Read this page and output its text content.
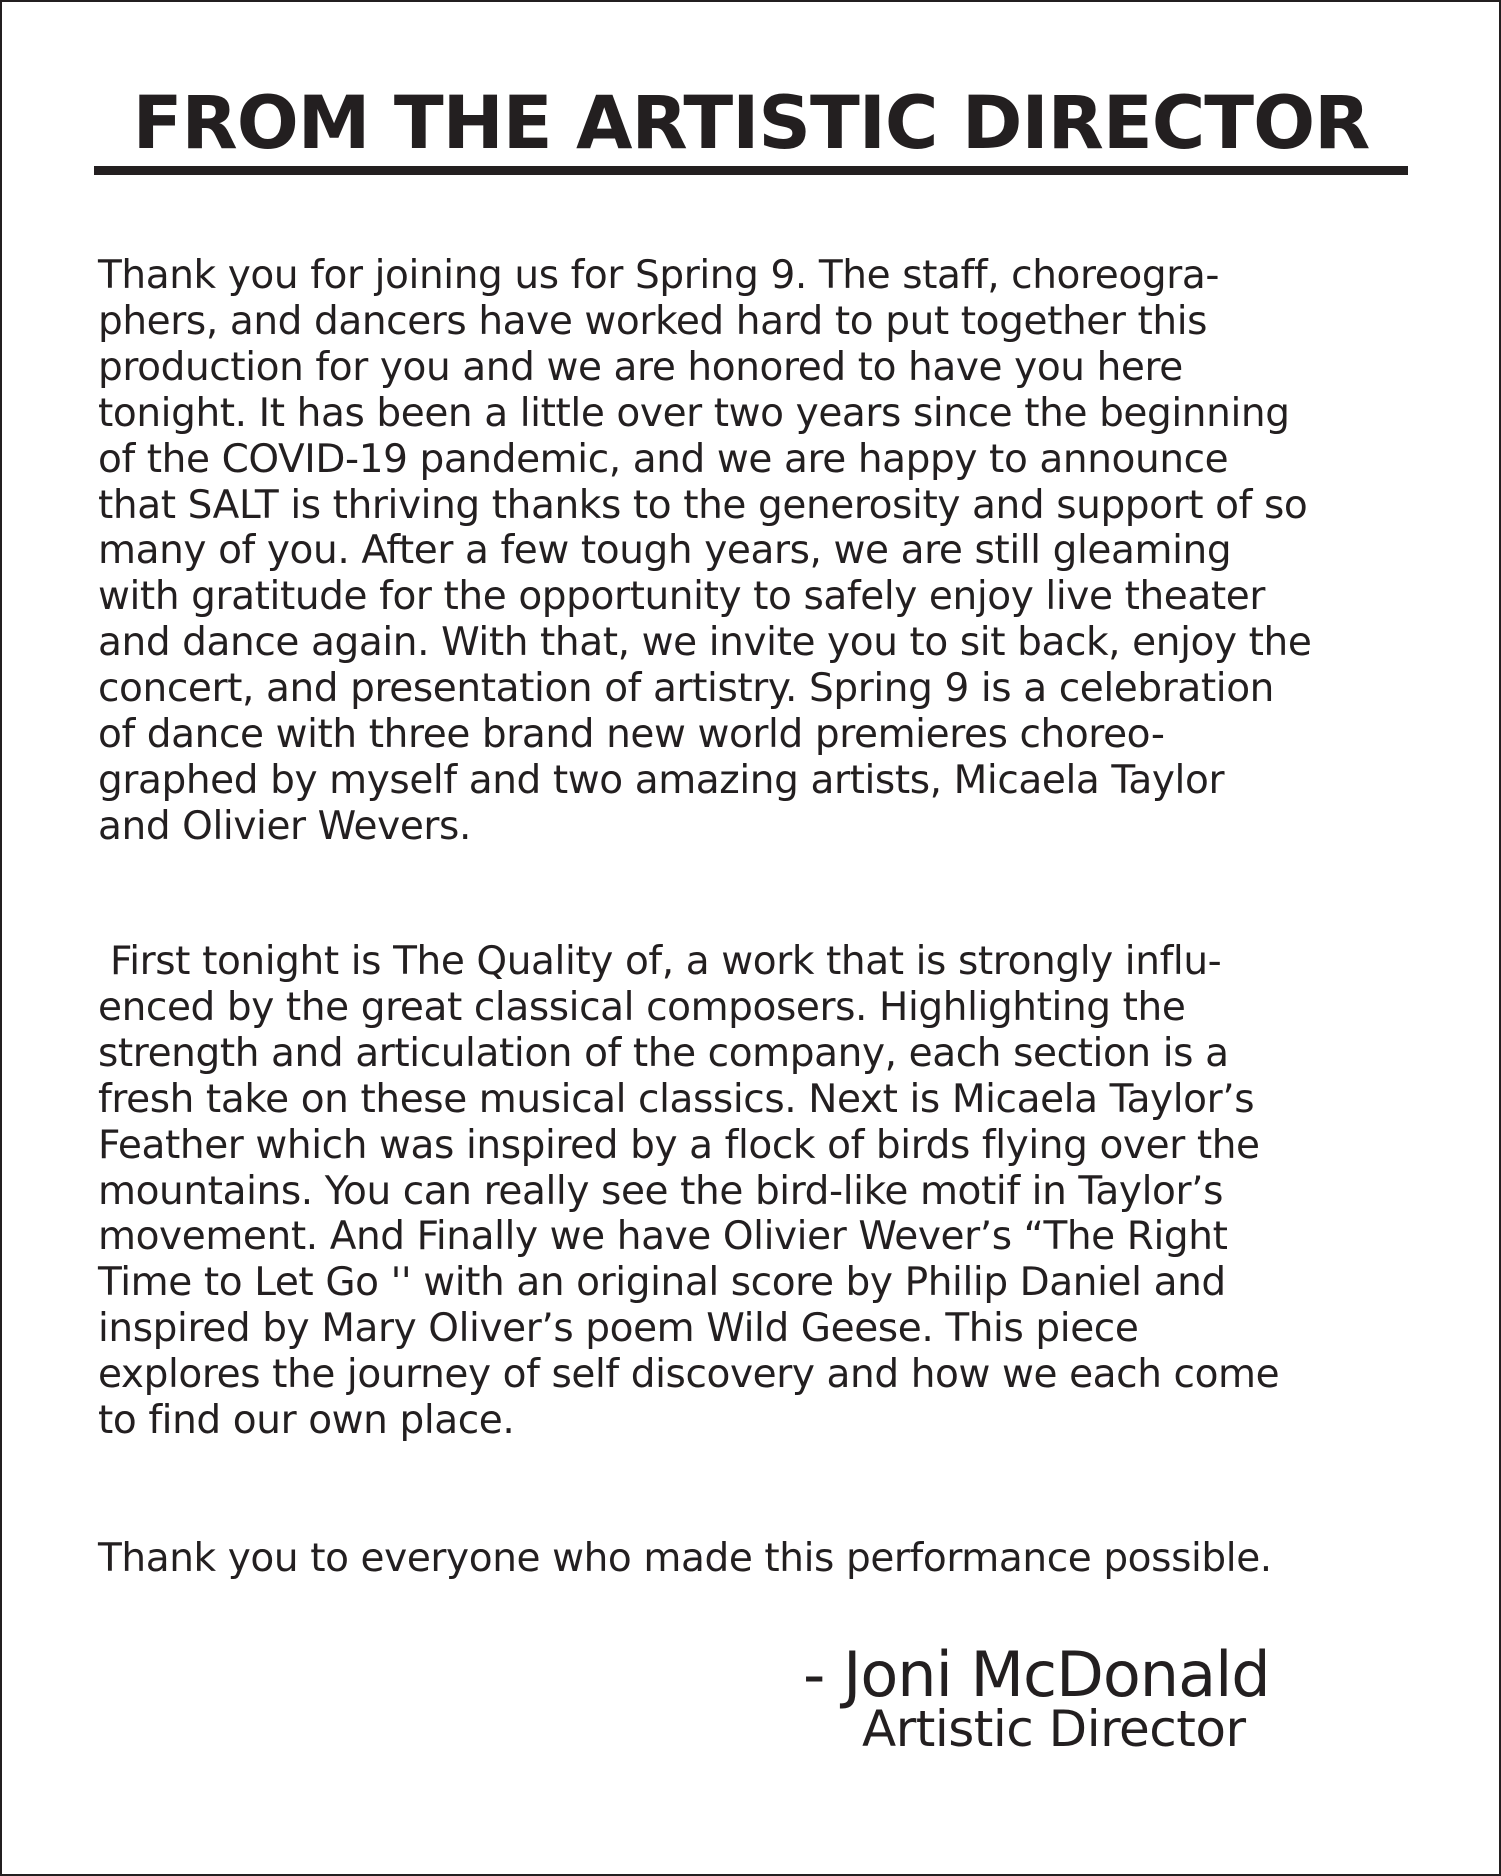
FROM THE ARTISTIC DIRECTOR

Thank you for joining us for Spring 9. The staff, choreogra-
phers, and dancers have worked hard to put together this
production for you and we are honored to have you here
tonight. It has been a little over two years since the beginning
of the COVID-19 pandemic, and we are happy to announce
that SALT is thriving thanks to the generosity and support of so
many of you. After a few tough years, we are still gleaming
with gratitude for the opportunity to safely enjoy live theater
and dance again. With that, we invite you to sit back, enjoy the
concert, and presentation of artistry. Spring 9 is a celebration
of dance with three brand new world premieres choreo-
graphed by myself and two amazing artists, Micaela Taylor
and Olivier Wevers.

First tonight is The Quality of, a work that is strongly influ-
enced by the great classical composers. Highlighting the
strength and articulation of the company, each section is a
fresh take on these musical classics. Next is Micaela Taylor’s
Feather which was inspired by a flock of birds flying over the
mountains. You can really see the bird-like motif in Taylor’s
movement. And Finally we have Olivier Wever’s “The Right
Time to Let Go '' with an original score by Philip Daniel and
inspired by Mary Oliver’s poem Wild Geese. This piece
explores the journey of self discovery and how we each come
to find our own place.

Thank you to everyone who made this performance possible.

- Joni McDonald
Artistic Director
